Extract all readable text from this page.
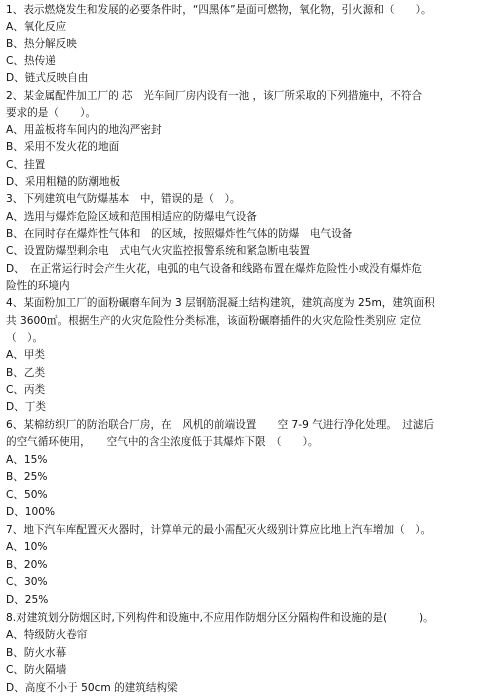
1、表示燃烧发生和发展的必要条件时，“四黑体”是面可燃物，氧化物，引火源和（　　）。
A、氧化反应
B、热分解反映
C、热传递
D、链式反映自由
2、某金属配件加工厂的 芯　光车间厂房内设有一池 ，该厂所采取的下列措施中，不符合
要求的是（　　）。
A、用盖板将车间内的地沟严密封
B、采用不发火花的地面
C、挂置
D、采用粗糙的防潮地板
3、下列建筑电气防爆基本　中，错误的是（　）。
A、选用与爆炸危险区域和范围相适应的防爆电气设备
B、在同时存在爆炸性气体和　的区域，按照爆炸性气体的防爆　电气设备
C、设置防爆型剩余电　式电气火灾监控报警系统和紧急断电装置
D、　在正常运行时会产生火花，电弧的电气设备和线路布置在爆炸危险性小或没有爆炸危
险性的环境内
4、某面粉加工厂的面粉碾磨车间为 3 层钢筋混凝土结构建筑，建筑高度为 25m，建筑面积
共 3600㎡。根据生产的火灾危险性分类标准，该面粉碾磨插件的火灾危险性类别应 定位
（　）。
A、甲类
B、乙类
C、丙类
D、丁类
6、某棉纺织厂的防治联合厂房，在　风机的前端设置　　空 7-9 气进行净化处理。　过滤后
的空气循环使用，　　空气中的含尘浓度低于其爆炸下限　（　　）。
A、15%
B、25%
C、50%
D、100%
7、地下汽车库配置灭火器时，计算单元的最小需配灭火级别计算应比地上汽车增加（　）。
A、10%
B、20%
C、30%
D、25%
8.对建筑划分防烟区时,下列构件和设施中,不应用作防烟分区分隔构件和设施的是(　　　)。
A、特级防火卷帘
B、防火水幕
C、防火隔墙
D、高度不小于 50cm 的建筑结构梁
